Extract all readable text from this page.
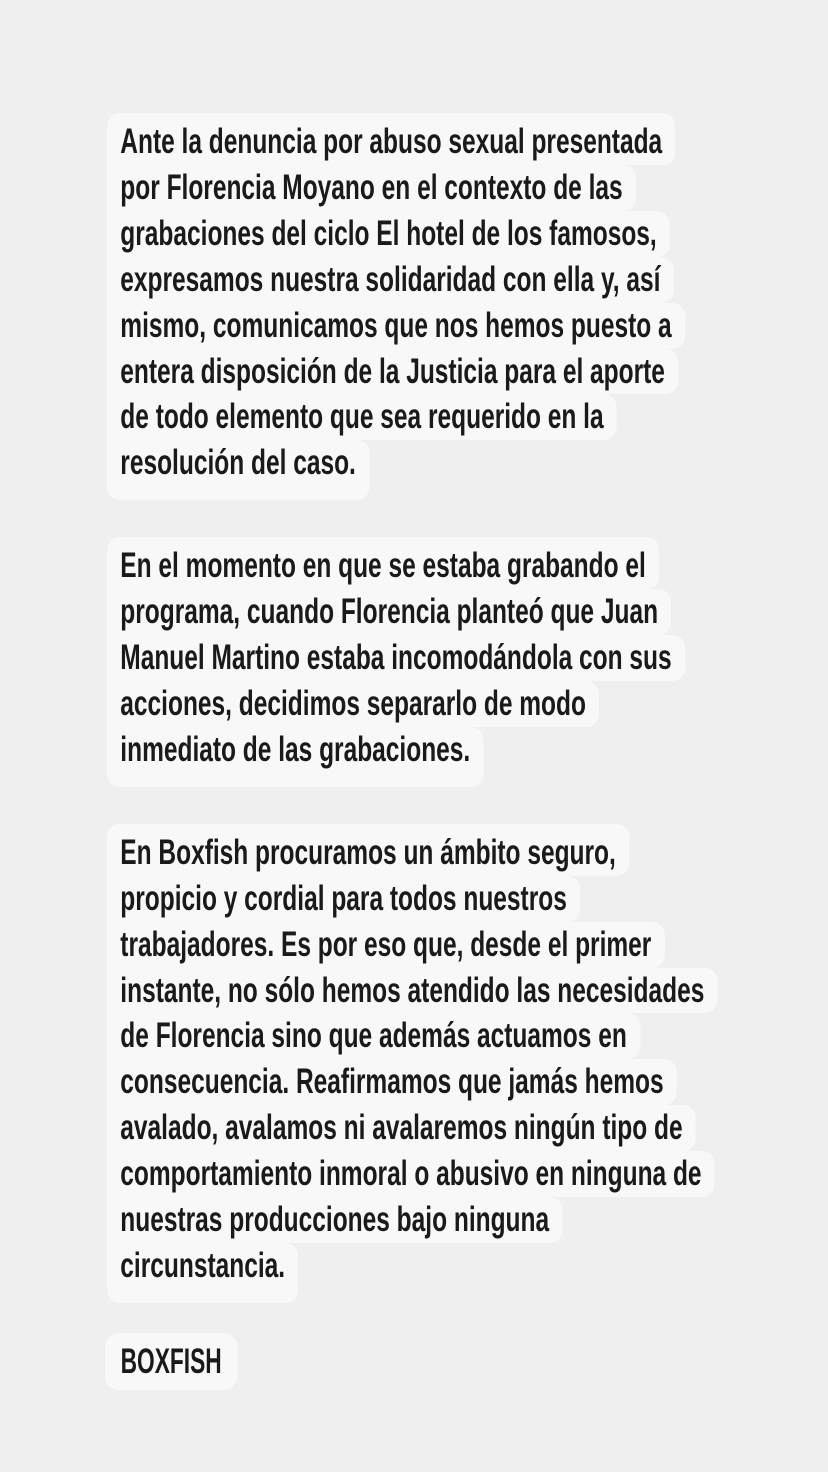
Ante la denuncia por abuso sexual presentada
por Florencia Moyano en el contexto de las
grabaciones del ciclo El hotel de los famosos,
expresamos nuestra solidaridad con ella y, así
mismo, comunicamos que nos hemos puesto a
entera disposición de la Justicia para el aporte
de todo elemento que sea requerido en la
resolución del caso.
En el momento en que se estaba grabando el
programa, cuando Florencia planteó que Juan
Manuel Martino estaba incomodándola con sus
acciones, decidimos separarlo de modo
inmediato de las grabaciones.
En Boxfish procuramos un ámbito seguro,
propicio y cordial para todos nuestros
trabajadores. Es por eso que, desde el primer
instante, no sólo hemos atendido las necesidades
de Florencia sino que además actuamos en
consecuencia. Reafirmamos que jamás hemos
avalado, avalamos ni avalaremos ningún tipo de
comportamiento inmoral o abusivo en ninguna de
nuestras producciones bajo ninguna
circunstancia.
BOXFISH
